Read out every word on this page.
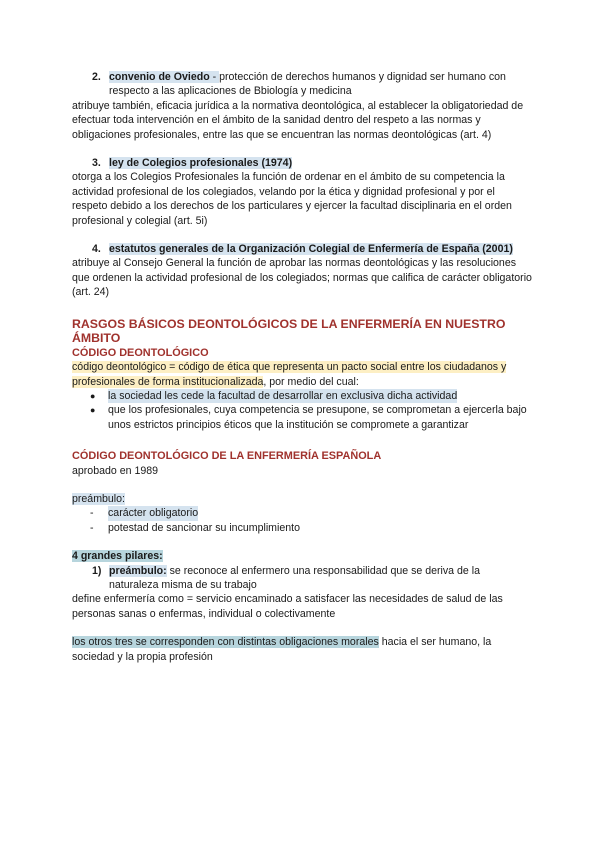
2. convenio de Oviedo - protección de derechos humanos y dignidad ser humano con respecto a las aplicaciones de Bbiología y medicina

atribuye también, eficacia jurídica a la normativa deontológica, al establecer la obligatoriedad de efectuar toda intervención en el ámbito de la sanidad dentro del respeto a las normas y obligaciones profesionales, entre las que se encuentran las normas deontológicas (art. 4)

3. ley de Colegios profesionales (1974)

otorga a los Colegios Profesionales la función de ordenar en el ámbito de su competencia la actividad profesional de los colegiados, velando por la ética y dignidad profesional y por el respeto debido a los derechos de los particulares y ejercer la facultad disciplinaria en el orden profesional y colegial (art. 5i)

4. estatutos generales de la Organización Colegial de Enfermería de España (2001)

atribuye al Consejo General la función de aprobar las normas deontológicas y las resoluciones que ordenen la actividad profesional de los colegiados; normas que califica de carácter obligatorio (art. 24)

RASGOS BÁSICOS DEONTOLÓGICOS DE LA ENFERMERÍA EN NUESTRO ÁMBITO

CÓDIGO DEONTOLÓGICO

código deontológico = código de ética que representa un pacto social entre los ciudadanos y profesionales de forma institucionalizada, por medio del cual:

●	la sociedad les cede la facultad de desarrollar en exclusiva dicha actividad
●	que los profesionales, cuya competencia se presupone, se comprometan a ejercerla bajo unos estrictos principios éticos que la institución se compromete a garantizar

CÓDIGO DEONTOLÓGICO DE LA ENFERMERÍA ESPAÑOLA

aprobado en 1989

preámbulo:

-	carácter obligatorio
-	potestad de sancionar su incumplimiento

4 grandes pilares:

1) preámbulo: se reconoce al enfermero una responsabilidad que se deriva de la naturaleza misma de su trabajo

define enfermería como = servicio encaminado a satisfacer las necesidades de salud de las personas sanas o enfermas, individual o colectivamente

los otros tres se corresponden con distintas obligaciones morales hacia el ser humano, la sociedad y la propia profesión
